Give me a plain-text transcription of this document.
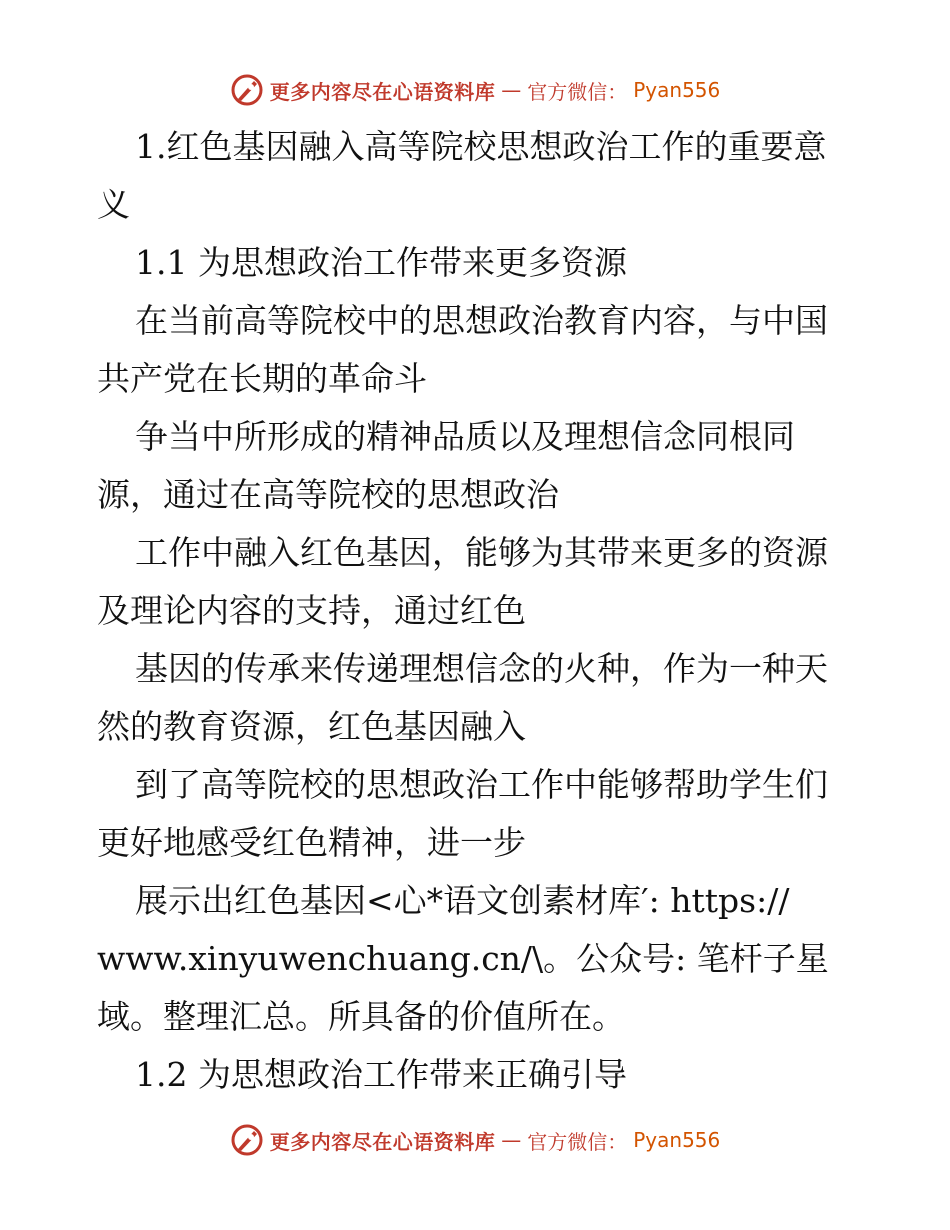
更多内容尽在心语资料库 — 官方微信： Pyan556
1.红色基因融入高等院校思想政治工作的重要意
义
1.1 为思想政治工作带来更多资源
在当前高等院校中的思想政治教育内容，与中国
共产党在长期的革命斗
争当中所形成的精神品质以及理想信念同根同
源，通过在高等院校的思想政治
工作中融入红色基因，能够为其带来更多的资源
及理论内容的支持，通过红色
基因的传承来传递理想信念的火种，作为一种天
然的教育资源，红色基因融入
到了高等院校的思想政治工作中能够帮助学生们
更好地感受红色精神，进一步
展示出红色基因<心*语文创素材库′: https://
www.xinyuwenchuang.cn/\。公众号: 笔杆子星
域。整理汇总。所具备的价值所在。
1.2 为思想政治工作带来正确引导
更多内容尽在心语资料库 — 官方微信： Pyan556
